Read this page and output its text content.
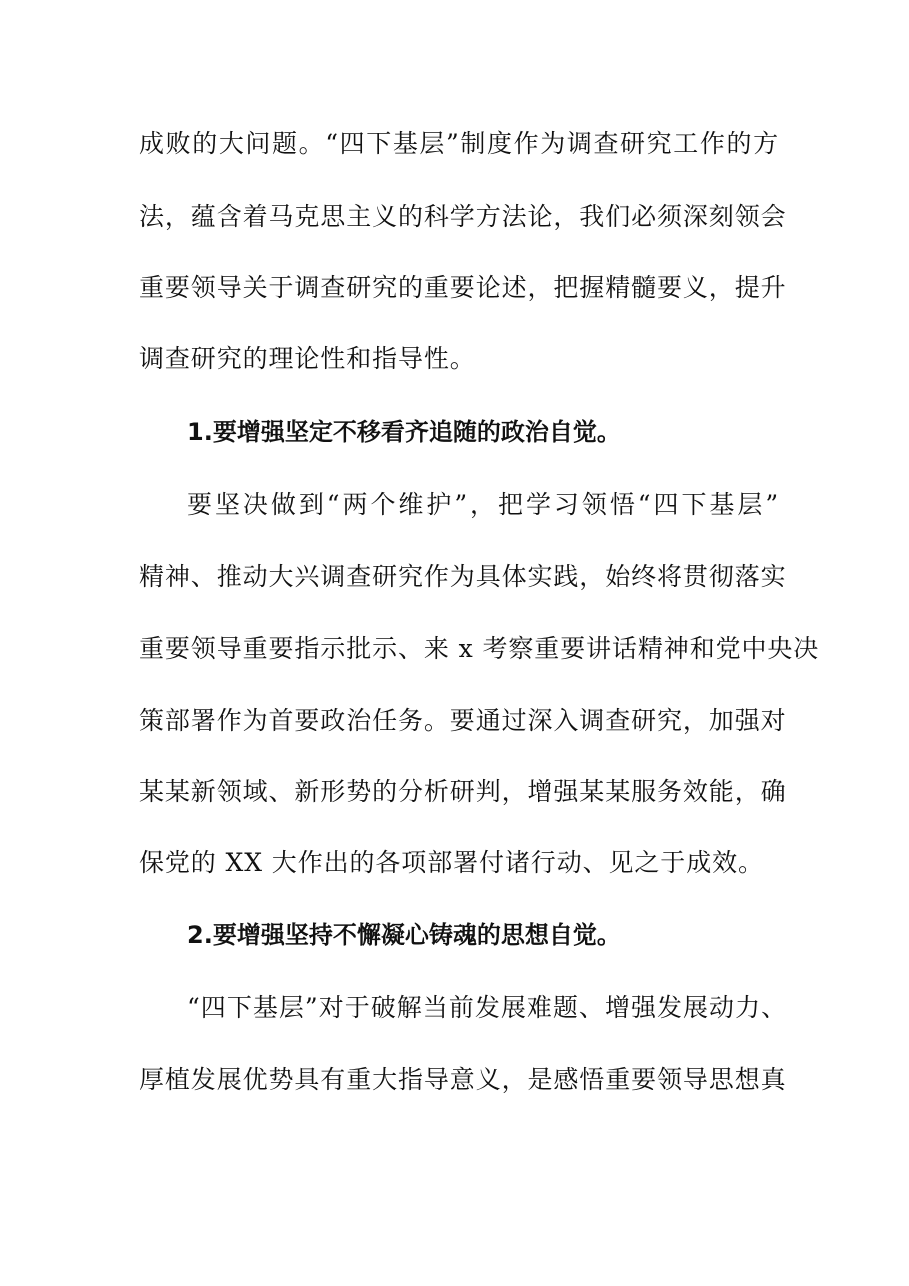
成败的大问题。“四下基层”制度作为调查研究工作的方
法，蕴含着马克思主义的科学方法论，我们必须深刻领会
重要领导关于调查研究的重要论述，把握精髓要义，提升
调查研究的理论性和指导性。
1.要增强坚定不移看齐追随的政治自觉。
要坚决做到“两个维护”，把学习领悟“四下基层”
精神、推动大兴调查研究作为具体实践，始终将贯彻落实
重要领导重要指示批示、来 x 考察重要讲话精神和党中央决
策部署作为首要政治任务。要通过深入调查研究，加强对
某某新领域、新形势的分析研判，增强某某服务效能，确
保党的 XX 大作出的各项部署付诸行动、见之于成效。
2.要增强坚持不懈凝心铸魂的思想自觉。
“四下基层”对于破解当前发展难题、增强发展动力、
厚植发展优势具有重大指导意义，是感悟重要领导思想真
